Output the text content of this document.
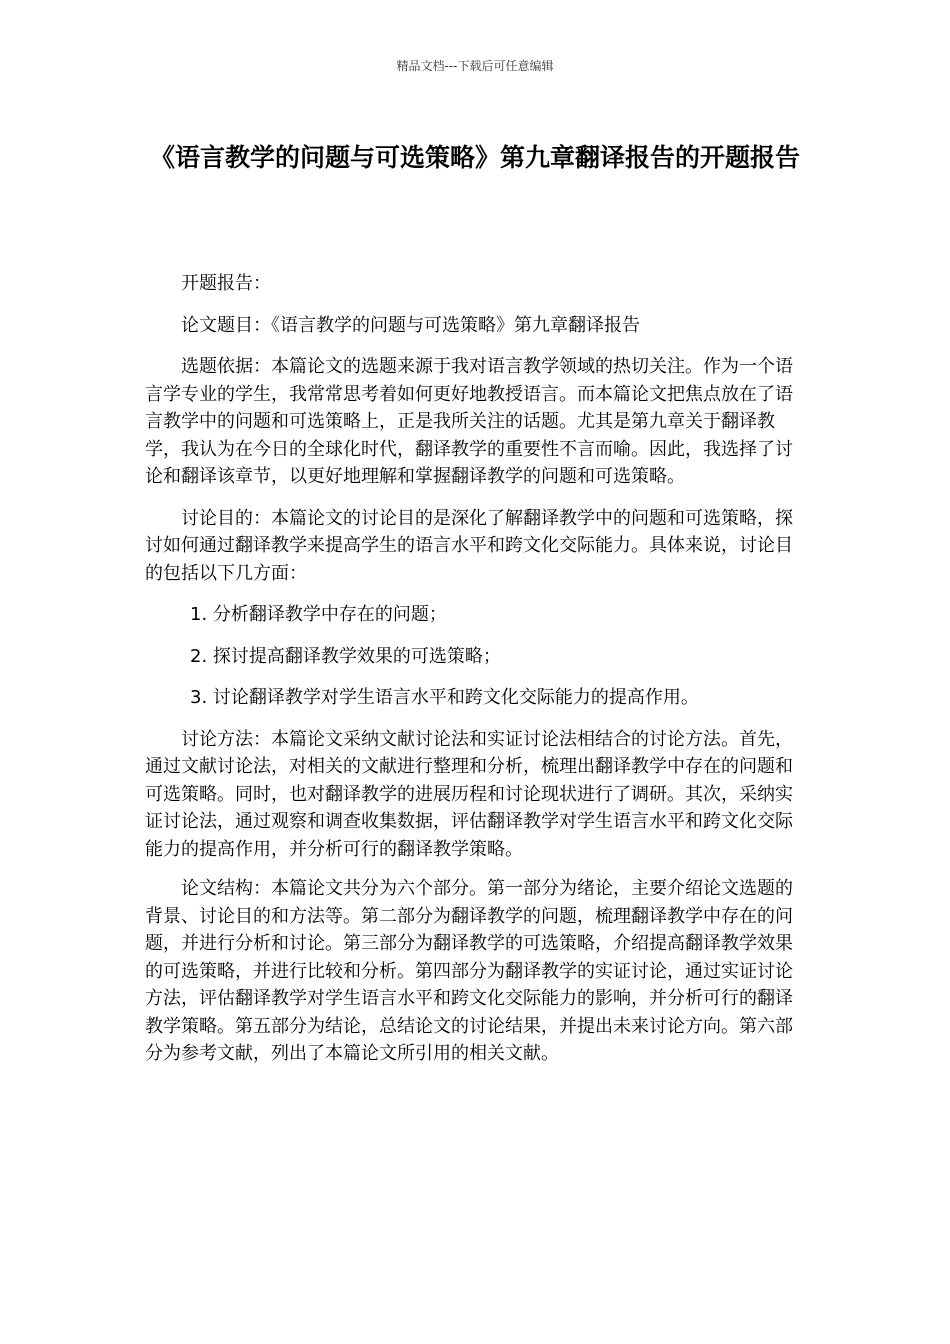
精品文档---下载后可任意编辑
《语言教学的问题与可选策略》第九章翻译报告的开题报告

开题报告：

论文题目：《语言教学的问题与可选策略》第九章翻译报告

选题依据：本篇论文的选题来源于我对语言教学领域的热切关注。作为一个语言学专业的学生，我常常思考着如何更好地教授语言。而本篇论文把焦点放在了语言教学中的问题和可选策略上，正是我所关注的话题。尤其是第九章关于翻译教学，我认为在今日的全球化时代，翻译教学的重要性不言而喻。因此，我选择了讨论和翻译该章节，以更好地理解和掌握翻译教学的问题和可选策略。

讨论目的：本篇论文的讨论目的是深化了解翻译教学中的问题和可选策略，探讨如何通过翻译教学来提高学生的语言水平和跨文化交际能力。具体来说，讨论目的包括以下几方面：

1. 分析翻译教学中存在的问题；
2. 探讨提高翻译教学效果的可选策略；
3. 讨论翻译教学对学生语言水平和跨文化交际能力的提高作用。

讨论方法：本篇论文采纳文献讨论法和实证讨论法相结合的讨论方法。首先，通过文献讨论法，对相关的文献进行整理和分析，梳理出翻译教学中存在的问题和可选策略。同时，也对翻译教学的进展历程和讨论现状进行了调研。其次，采纳实证讨论法，通过观察和调查收集数据，评估翻译教学对学生语言水平和跨文化交际能力的提高作用，并分析可行的翻译教学策略。

论文结构：本篇论文共分为六个部分。第一部分为绪论，主要介绍论文选题的背景、讨论目的和方法等。第二部分为翻译教学的问题，梳理翻译教学中存在的问题，并进行分析和讨论。第三部分为翻译教学的可选策略，介绍提高翻译教学效果的可选策略，并进行比较和分析。第四部分为翻译教学的实证讨论，通过实证讨论方法，评估翻译教学对学生语言水平和跨文化交际能力的影响，并分析可行的翻译教学策略。第五部分为结论，总结论文的讨论结果，并提出未来讨论方向。第六部分为参考文献，列出了本篇论文所引用的相关文献。
